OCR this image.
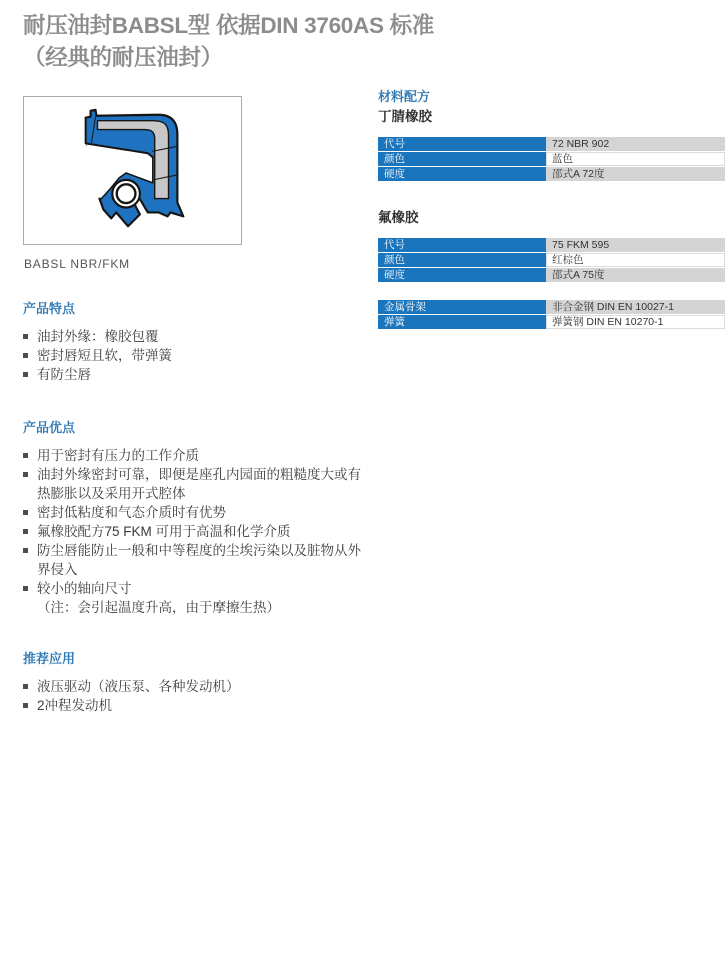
耐压油封BABSL型 依据DIN 3760AS 标准
（经典的耐压油封）
BABSL NBR/FKM
材料配方
丁腈橡胶
代号	72 NBR 902
颜色	蓝色
硬度	邵式A 72度
氟橡胶
代号	75 FKM 595
颜色	红棕色
硬度	邵式A 75度
金属骨架	非合金钢 DIN EN 10027-1
弹簧	弹簧钢 DIN EN 10270-1
产品特点
油封外缘：橡胶包覆
密封唇短且软，带弹簧
有防尘唇
产品优点
用于密封有压力的工作介质
油封外缘密封可靠，即便是座孔内园面的粗糙度大或有热膨胀以及采用开式腔体
密封低粘度和气态介质时有优势
氟橡胶配方75 FKM 可用于高温和化学介质
防尘唇能防止一般和中等程度的尘埃污染以及脏物从外界侵入
较小的轴向尺寸
（注：会引起温度升高，由于摩擦生热）
推荐应用
液压驱动（液压泵、各种发动机）
2冲程发动机
